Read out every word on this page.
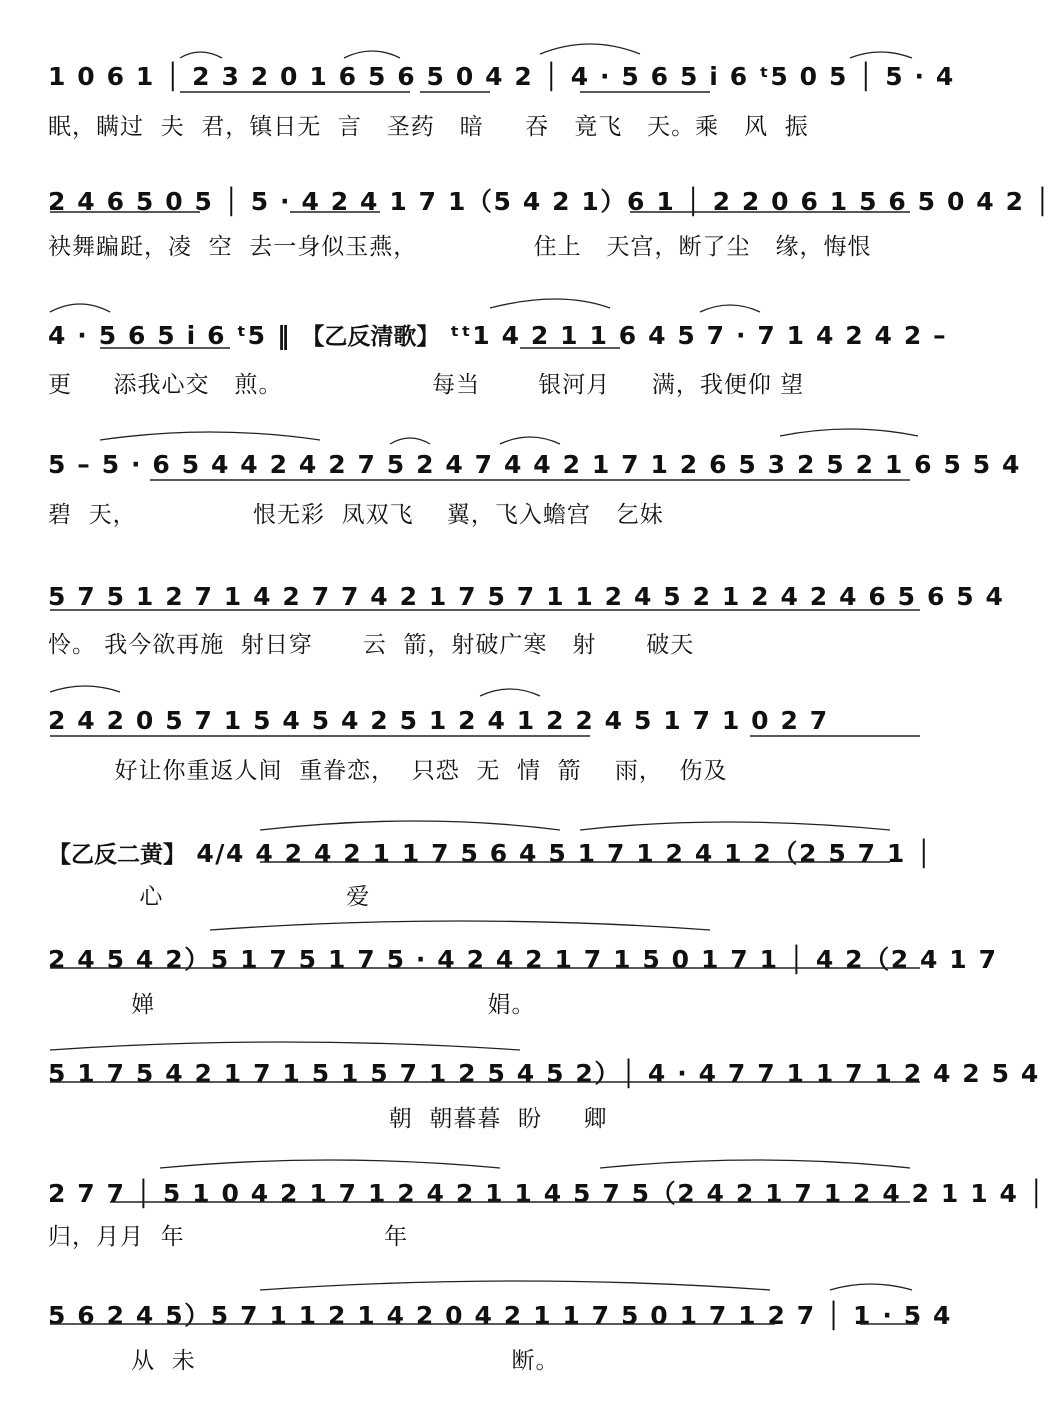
1 0 6 1 │ 2 3 2 0 1 6 5 6 5 0 4 2 │ 4 · 5 6 5 i 6 ᵗ5 0 5 │ 5 · 4
眠，瞒过  夫  君，镇日无  言   圣药   暗     吞   竟飞   天。乘   风  振
2 4 6 5 0 5 │ 5 · 4 2 4 1 7 1（5 4 2 1）6 1 │ 2 2 0 6 1 5 6 5 0 4 2 │
袂舞蹁跹，凌  空  去一身似玉燕，              住上   天宫，断了尘   缘，悔恨
4 · 5 6 5 i 6 ᵗ5 ‖ 【乙反清歌】 ᵗᵗ1 4 2 1 1 6 4 5 7 · 7 1 4 2 4 2 –
更     添我心交   煎。                  每当       银河月     满，我便仰 望
5 – 5 · 6 5 4 4 2 4 2 7 5 2 4 7 4 4 2 1 7 1 2 6 5 3 2 5 2 1 6 5 5 4
碧  天，              恨无彩  凤双飞    翼，飞入蟾宫   乞妹
5 7 5 1 2 7 1 4 2 7 7 4 2 1 7 5 7 1 1 2 4 5 2 1 2 4 2 4 6 5 6 5 4
怜。 我今欲再施  射日穿      云  箭，射破广寒   射      破天
2 4 2 0 5 7 1 5 4 5 4 2 5 1 2 4 1 2 2 4 5 1 7 1 0 2 7
好让你重返人间  重眷恋，  只恐  无  情  箭    雨，  伤及
【乙反二黄】 4/4 4 2 4 2 1 1 7 5 6 4 5 1 7 1 2 4 1 2（2 5 7 1 │
心                      爱
2 4 5 4 2）5 1 7 5 1 7 5 · 4 2 4 2 1 7 1 5 0 1 7 1 │ 4 2（2 4 1 7
婵                                        娟。
5 1 7 5 4 2 1 7 1 5 1 5 7 1 2 5 4 5 2）│ 4 · 4 7 7 1 1 7 1 2 4 2 5 4
朝  朝暮暮  盼     卿
2 7 7 │ 5 1 0 4 2 1 7 1 2 4 2 1 1 4 5 7 5（2 4 2 1 7 1 2 4 2 1 1 4 │
归，月月  年                        年
5 6 2 4 5）5 7 1 1 2 1 4 2 0 4 2 1 1 7 5 0 1 7 1 2 7 │ 1 · 5 4
从  未                                      断。
